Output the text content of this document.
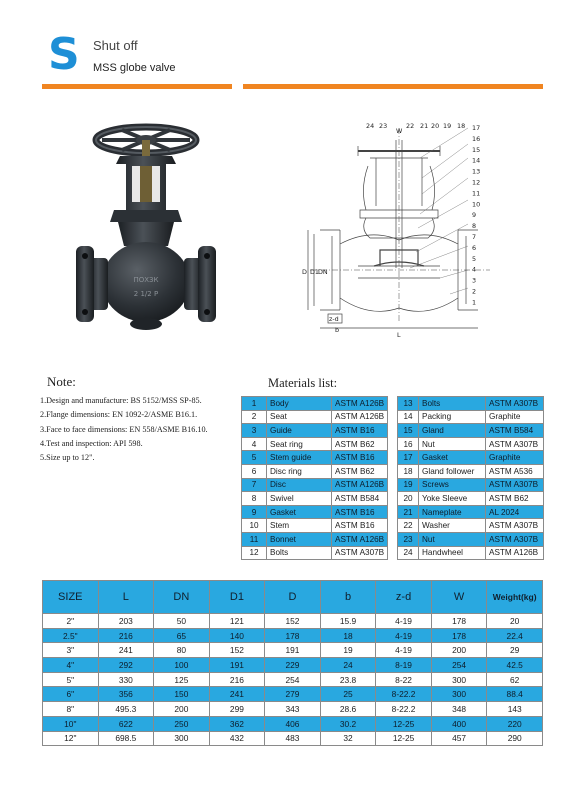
S	Shut off
MSS globe valve
ПОХЗК
2 1/2 Р
24 23
W
22 21 20 19 18 17
16
15
14
13
12
11
10
9
8
7
6
5
4
3
2
1
D D1 DN
z-d
b
L
Note:
1.Design and manufacture: BS 5152/MSS SP-85.
2.Flange dimensions: EN 1092-2/ASME B16.1.
3.Face to face dimensions: EN 558/ASME B16.10.
4.Test and inspection: API 598.
5.Size up to 12".
Materials list:
1	Body	ASTM A126B
2	Seat	ASTM A126B
3	Guide	ASTM B16
4	Seat ring	ASTM B62
5	Stem guide	ASTM B16
6	Disc ring	ASTM B62
7	Disc	ASTM A126B
8	Swivel	ASTM B584
9	Gasket	ASTM B16
10	Stem	ASTM B16
11	Bonnet	ASTM A126B
12	Bolts	ASTM A307B
13	Bolts	ASTM A307B
14	Packing	Graphite
15	Gland	ASTM B584
16	Nut	ASTM A307B
17	Gasket	Graphite
18	Gland follower	ASTM A536
19	Screws	ASTM A307B
20	Yoke Sleeve	ASTM B62
21	Nameplate	AL 2024
22	Washer	ASTM A307B
23	Nut	ASTM A307B
24	Handwheel	ASTM A126B
SIZE	L	DN	D1	D	b	z-d	W	Weight(kg)
2"	203	50	121	152	15.9	4-19	178	20
2.5"	216	65	140	178	18	4-19	178	22.4
3"	241	80	152	191	19	4-19	200	29
4"	292	100	191	229	24	8-19	254	42.5
5"	330	125	216	254	23.8	8-22	300	62
6"	356	150	241	279	25	8-22.2	300	88.4
8"	495.3	200	299	343	28.6	8-22.2	348	143
10"	622	250	362	406	30.2	12-25	400	220
12"	698.5	300	432	483	32	12-25	457	290
